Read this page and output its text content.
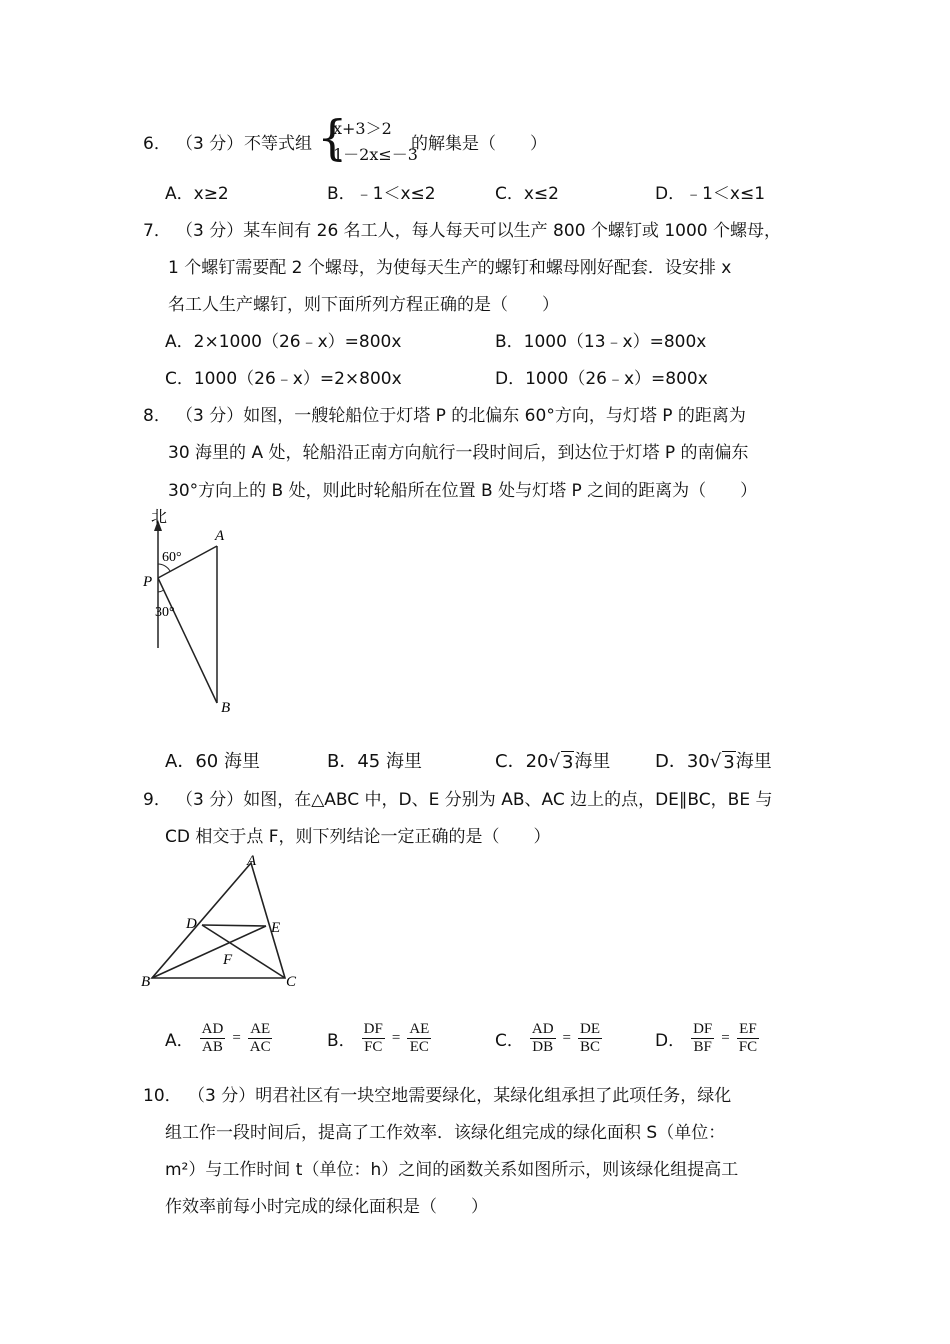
6． （3 分） 不等式组 {
x+3＞2
1－2x≤－3
的解集是（　　）
A．x≥2	B．﹣1＜x≤2	C．x≤2	D．﹣1＜x≤1
7． （3 分）某车间有 26 名工人，每人每天可以生产 800 个螺钉或 1000 个螺母，
1 个螺钉需要配 2 个螺母，为使每天生产的螺钉和螺母刚好配套．设安排 x
名工人生产螺钉，则下面所列方程正确的是（　　）
A．2×1000（26﹣x）=800x	B．1000（13﹣x）=800x
C．1000（26﹣x）=2×800x	D．1000（26﹣x）=800x
8． （3 分）如图，一艘轮船位于灯塔 P 的北偏东 60°方向，与灯塔 P 的距离为
30 海里的 A 处，轮船沿正南方向航行一段时间后，到达位于灯塔 P 的南偏东
30°方向上的 B 处，则此时轮船所在位置 B 处与灯塔 P 之间的距离为（　　）
北
60°
30°
P
A
B
A．60 海里	B．45 海里	C．20√ 3 海里 D．30√ 3 海里
9． （3 分）如图，在△ABC 中，D、E 分别为 AB、AC 边上的点，DE∥BC，BE 与
CD 相交于点 F，则下列结论一定正确的是（　　）
A
D	E
F
B	C
A． $\frac{AD}{AB} = \frac{AE}{AC}$	B． $\frac{DF}{FC} = \frac{AE}{EC}$	C． $\frac{AD}{DB} = \frac{DE}{BC}$	D． $\frac{DF}{BF} = \frac{EF}{FC}$
10． （3 分）明君社区有一块空地需要绿化，某绿化组承担了此项任务，绿化
组工作一段时间后，提高了工作效率．该绿化组完成的绿化面积 S（单位：
m²）与工作时间 t（单位：h）之间的函数关系如图所示，则该绿化组提高工
作效率前每小时完成的绿化面积是（　　）
